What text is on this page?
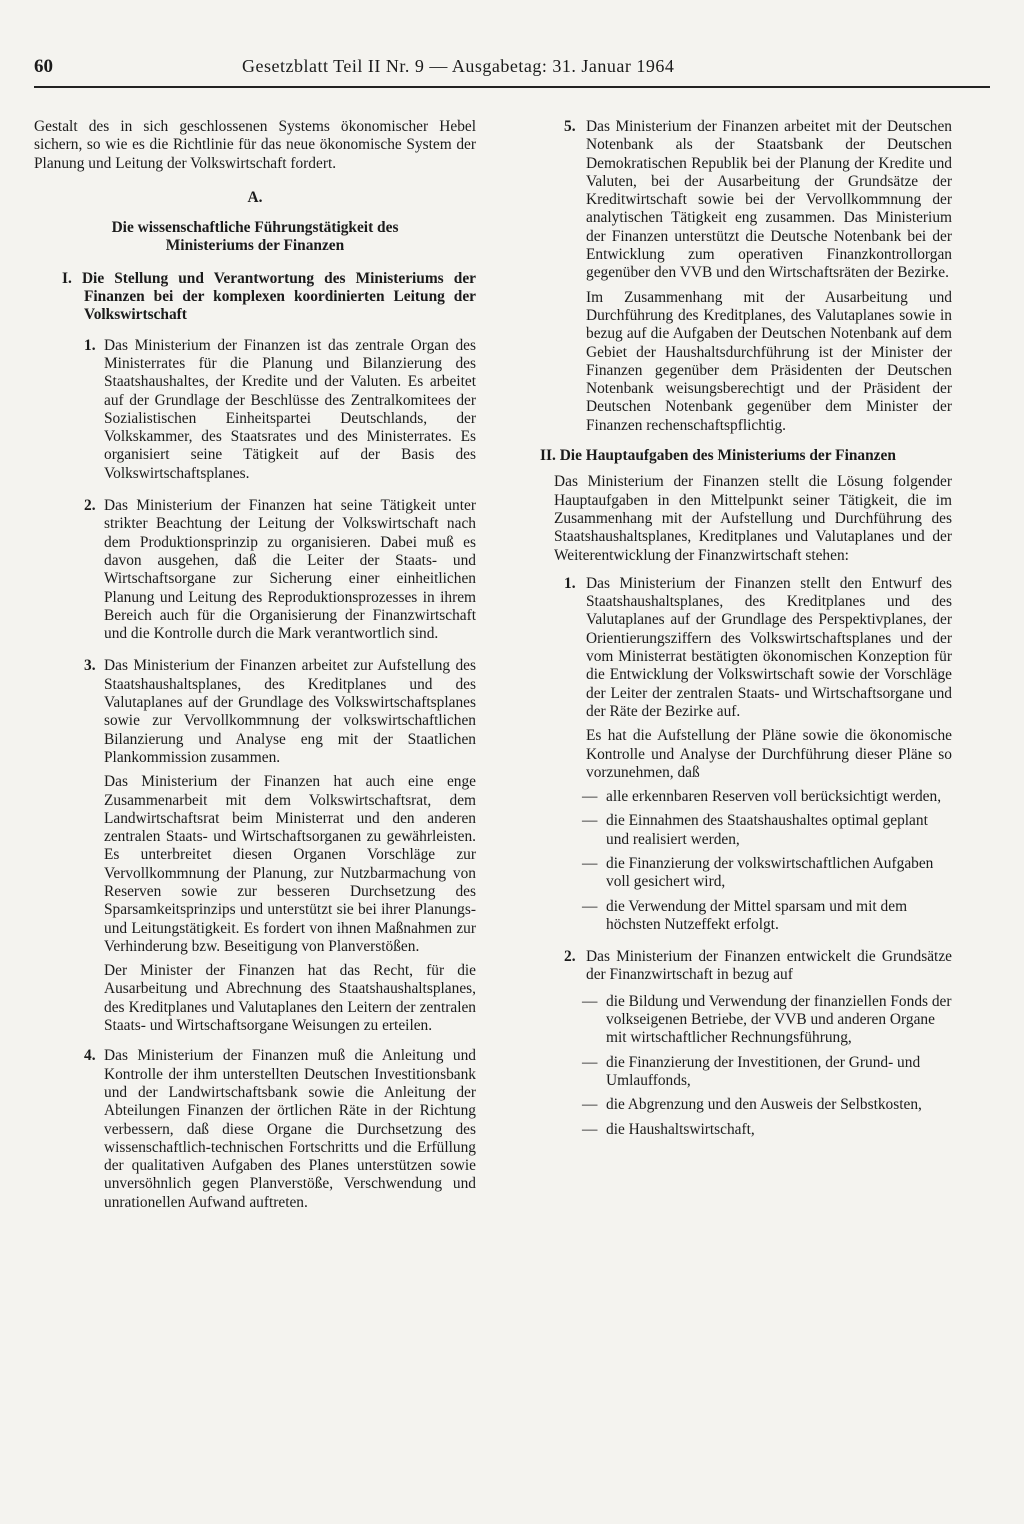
60	Gesetzblatt Teil II Nr. 9 — Ausgabetag: 31. Januar 1964

Gestalt des in sich geschlossenen Systems ökonomischer Hebel sichern, so wie es die Richtlinie für das neue ökonomische System der Planung und Leitung der Volkswirtschaft fordert.

A.

Die wissenschaftliche Führungstätigkeit des Ministeriums der Finanzen

I. Die Stellung und Verantwortung des Ministeriums der Finanzen bei der komplexen koordinierten Leitung der Volkswirtschaft

1. Das Ministerium der Finanzen ist das zentrale Organ des Ministerrates für die Planung und Bilanzierung des Staatshaushaltes, der Kredite und der Valuten. Es arbeitet auf der Grundlage der Beschlüsse des Zentralkomitees der Sozialistischen Einheitspartei Deutschlands, der Volkskammer, des Staatsrates und des Ministerrates. Es organisiert seine Tätigkeit auf der Basis des Volkswirtschaftsplanes.

2. Das Ministerium der Finanzen hat seine Tätigkeit unter strikter Beachtung der Leitung der Volkswirtschaft nach dem Produktionsprinzip zu organisieren. Dabei muß es davon ausgehen, daß die Leiter der Staats- und Wirtschaftsorgane zur Sicherung einer einheitlichen Planung und Leitung des Reproduktionsprozesses in ihrem Bereich auch für die Organisierung der Finanzwirtschaft und die Kontrolle durch die Mark verantwortlich sind.

3. Das Ministerium der Finanzen arbeitet zur Aufstellung des Staatshaushaltsplanes, des Kreditplanes und des Valutaplanes auf der Grundlage des Volkswirtschaftsplanes sowie zur Vervollkommnung der volkswirtschaftlichen Bilanzierung und Analyse eng mit der Staatlichen Plankommission zusammen.

Das Ministerium der Finanzen hat auch eine enge Zusammenarbeit mit dem Volkswirtschaftsrat, dem Landwirtschaftsrat beim Ministerrat und den anderen zentralen Staats- und Wirtschaftsorganen zu gewährleisten. Es unterbreitet diesen Organen Vorschläge zur Vervollkommnung der Planung, zur Nutzbarmachung von Reserven sowie zur besseren Durchsetzung des Sparsamkeitsprinzips und unterstützt sie bei ihrer Planungs- und Leitungstätigkeit. Es fordert von ihnen Maßnahmen zur Verhinderung bzw. Beseitigung von Planverstößen.

Der Minister der Finanzen hat das Recht, für die Ausarbeitung und Abrechnung des Staatshaushaltsplanes, des Kreditplanes und Valutaplanes den Leitern der zentralen Staats- und Wirtschaftsorgane Weisungen zu erteilen.

4. Das Ministerium der Finanzen muß die Anleitung und Kontrolle der ihm unterstellten Deutschen Investitionsbank und der Landwirtschaftsbank sowie die Anleitung der Abteilungen Finanzen der örtlichen Räte in der Richtung verbessern, daß diese Organe die Durchsetzung des wissenschaftlich-technischen Fortschritts und die Erfüllung der qualitativen Aufgaben des Planes unterstützen sowie unversöhnlich gegen Planverstöße, Verschwendung und unrationellen Aufwand auftreten.

5. Das Ministerium der Finanzen arbeitet mit der Deutschen Notenbank als der Staatsbank der Deutschen Demokratischen Republik bei der Planung der Kredite und Valuten, bei der Ausarbeitung der Grundsätze der Kreditwirtschaft sowie bei der Vervollkommnung der analytischen Tätigkeit eng zusammen. Das Ministerium der Finanzen unterstützt die Deutsche Notenbank bei der Entwicklung zum operativen Finanzkontrollorgan gegenüber den VVB und den Wirtschaftsräten der Bezirke.

Im Zusammenhang mit der Ausarbeitung und Durchführung des Kreditplanes, des Valutaplanes sowie in bezug auf die Aufgaben der Deutschen Notenbank auf dem Gebiet der Haushaltsdurchführung ist der Minister der Finanzen gegenüber dem Präsidenten der Deutschen Notenbank weisungsberechtigt und der Präsident der Deutschen Notenbank gegenüber dem Minister der Finanzen rechenschaftspflichtig.

II. Die Hauptaufgaben des Ministeriums der Finanzen

Das Ministerium der Finanzen stellt die Lösung folgender Hauptaufgaben in den Mittelpunkt seiner Tätigkeit, die im Zusammenhang mit der Aufstellung und Durchführung des Staatshaushaltsplanes, Kreditplanes und Valutaplanes und der Weiterentwicklung der Finanzwirtschaft stehen:

1. Das Ministerium der Finanzen stellt den Entwurf des Staatshaushaltsplanes, des Kreditplanes und des Valutaplanes auf der Grundlage des Perspektivplanes, der Orientierungsziffern des Volkswirtschaftsplanes und der vom Ministerrat bestätigten ökonomischen Konzeption für die Entwicklung der Volkswirtschaft sowie der Vorschläge der Leiter der zentralen Staats- und Wirtschaftsorgane und der Räte der Bezirke auf.

Es hat die Aufstellung der Pläne sowie die ökonomische Kontrolle und Analyse der Durchführung dieser Pläne so vorzunehmen, daß

— alle erkennbaren Reserven voll berücksichtigt werden,
— die Einnahmen des Staatshaushaltes optimal geplant und realisiert werden,
— die Finanzierung der volkswirtschaftlichen Aufgaben voll gesichert wird,
— die Verwendung der Mittel sparsam und mit dem höchsten Nutzeffekt erfolgt.
2. Das Ministerium der Finanzen entwickelt die Grundsätze der Finanzwirtschaft in bezug auf

— die Bildung und Verwendung der finanziellen Fonds der volkseigenen Betriebe, der VVB und anderen Organe mit wirtschaftlicher Rechnungsführung,
— die Finanzierung der Investitionen, der Grund- und Umlauffonds,
— die Abgrenzung und den Ausweis der Selbstkosten,
— die Haushaltswirtschaft,
